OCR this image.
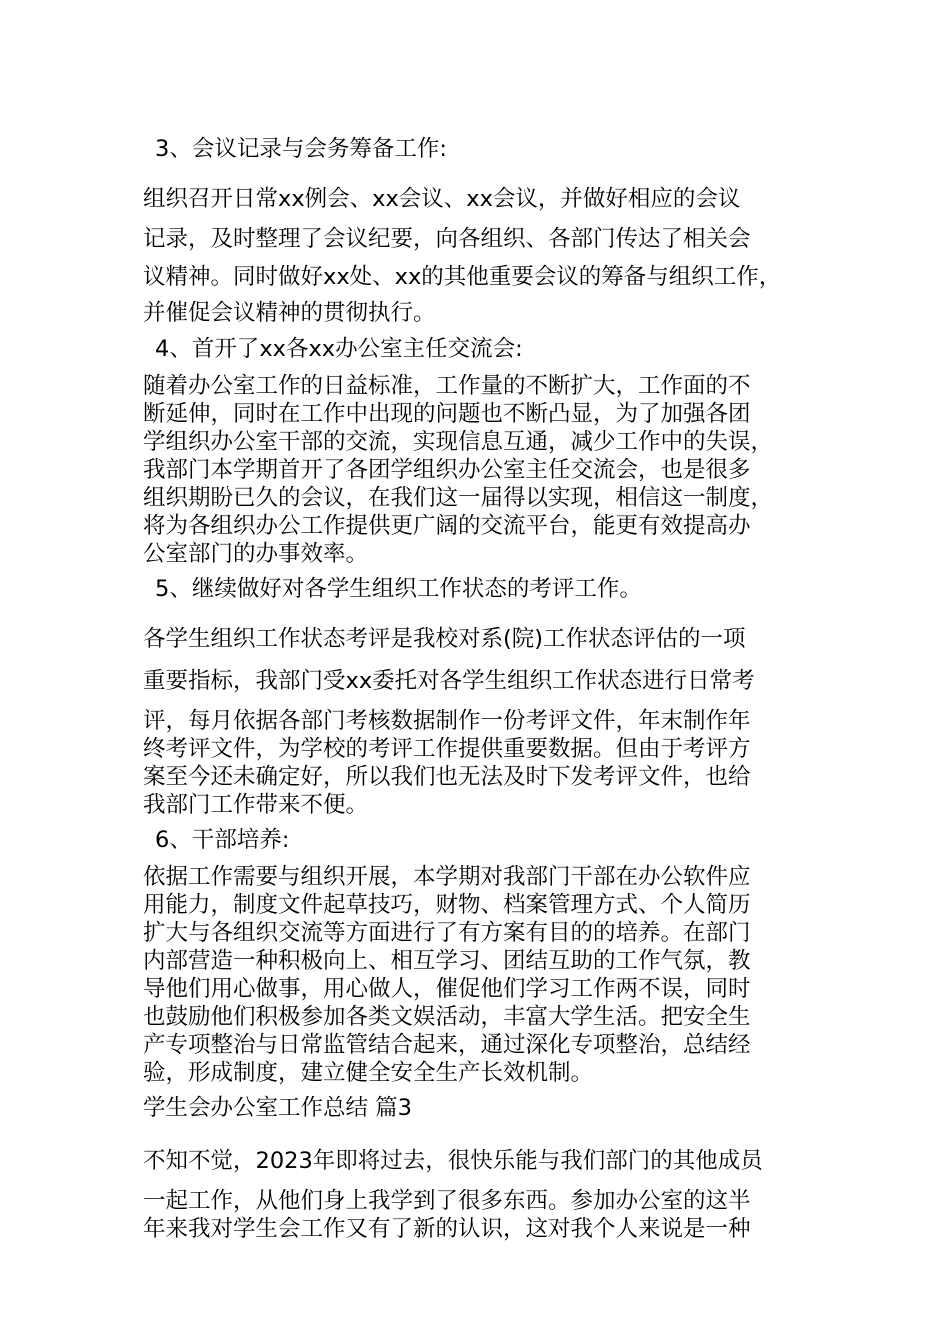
3、会议记录与会务筹备工作:
组织召开日常xx例会、xx会议、xx会议，并做好相应的会议
记录，及时整理了会议纪要，向各组织、各部门传达了相关会
议精神。同时做好xx处、xx的其他重要会议的筹备与组织工作，
并催促会议精神的贯彻执行。
4、首开了xx各xx办公室主任交流会:
随着办公室工作的日益标准，工作量的不断扩大，工作面的不
断延伸，同时在工作中出现的问题也不断凸显，为了加强各团
学组织办公室干部的交流，实现信息互通，减少工作中的失误，
我部门本学期首开了各团学组织办公室主任交流会，也是很多
组织期盼已久的会议，在我们这一届得以实现，相信这一制度，
将为各组织办公工作提供更广阔的交流平台，能更有效提高办
公室部门的办事效率。
5、继续做好对各学生组织工作状态的考评工作。
各学生组织工作状态考评是我校对系(院)工作状态评估的一项
重要指标，我部门受xx委托对各学生组织工作状态进行日常考
评，每月依据各部门考核数据制作一份考评文件，年末制作年
终考评文件，为学校的考评工作提供重要数据。但由于考评方
案至今还未确定好，所以我们也无法及时下发考评文件，也给
我部门工作带来不便。
6、干部培养:
依据工作需要与组织开展，本学期对我部门干部在办公软件应
用能力，制度文件起草技巧，财物、档案管理方式、个人简历
扩大与各组织交流等方面进行了有方案有目的的培养。在部门
内部营造一种积极向上、相互学习、团结互助的工作气氛，教
导他们用心做事，用心做人，催促他们学习工作两不误，同时
也鼓励他们积极参加各类文娱活动，丰富大学生活。把安全生
产专项整治与日常监管结合起来，通过深化专项整治，总结经
验，形成制度，建立健全安全生产长效机制。
学生会办公室工作总结 篇3
不知不觉，2023年即将过去，很快乐能与我们部门的其他成员
一起工作，从他们身上我学到了很多东西。参加办公室的这半
年来我对学生会工作又有了新的认识，这对我个人来说是一种
